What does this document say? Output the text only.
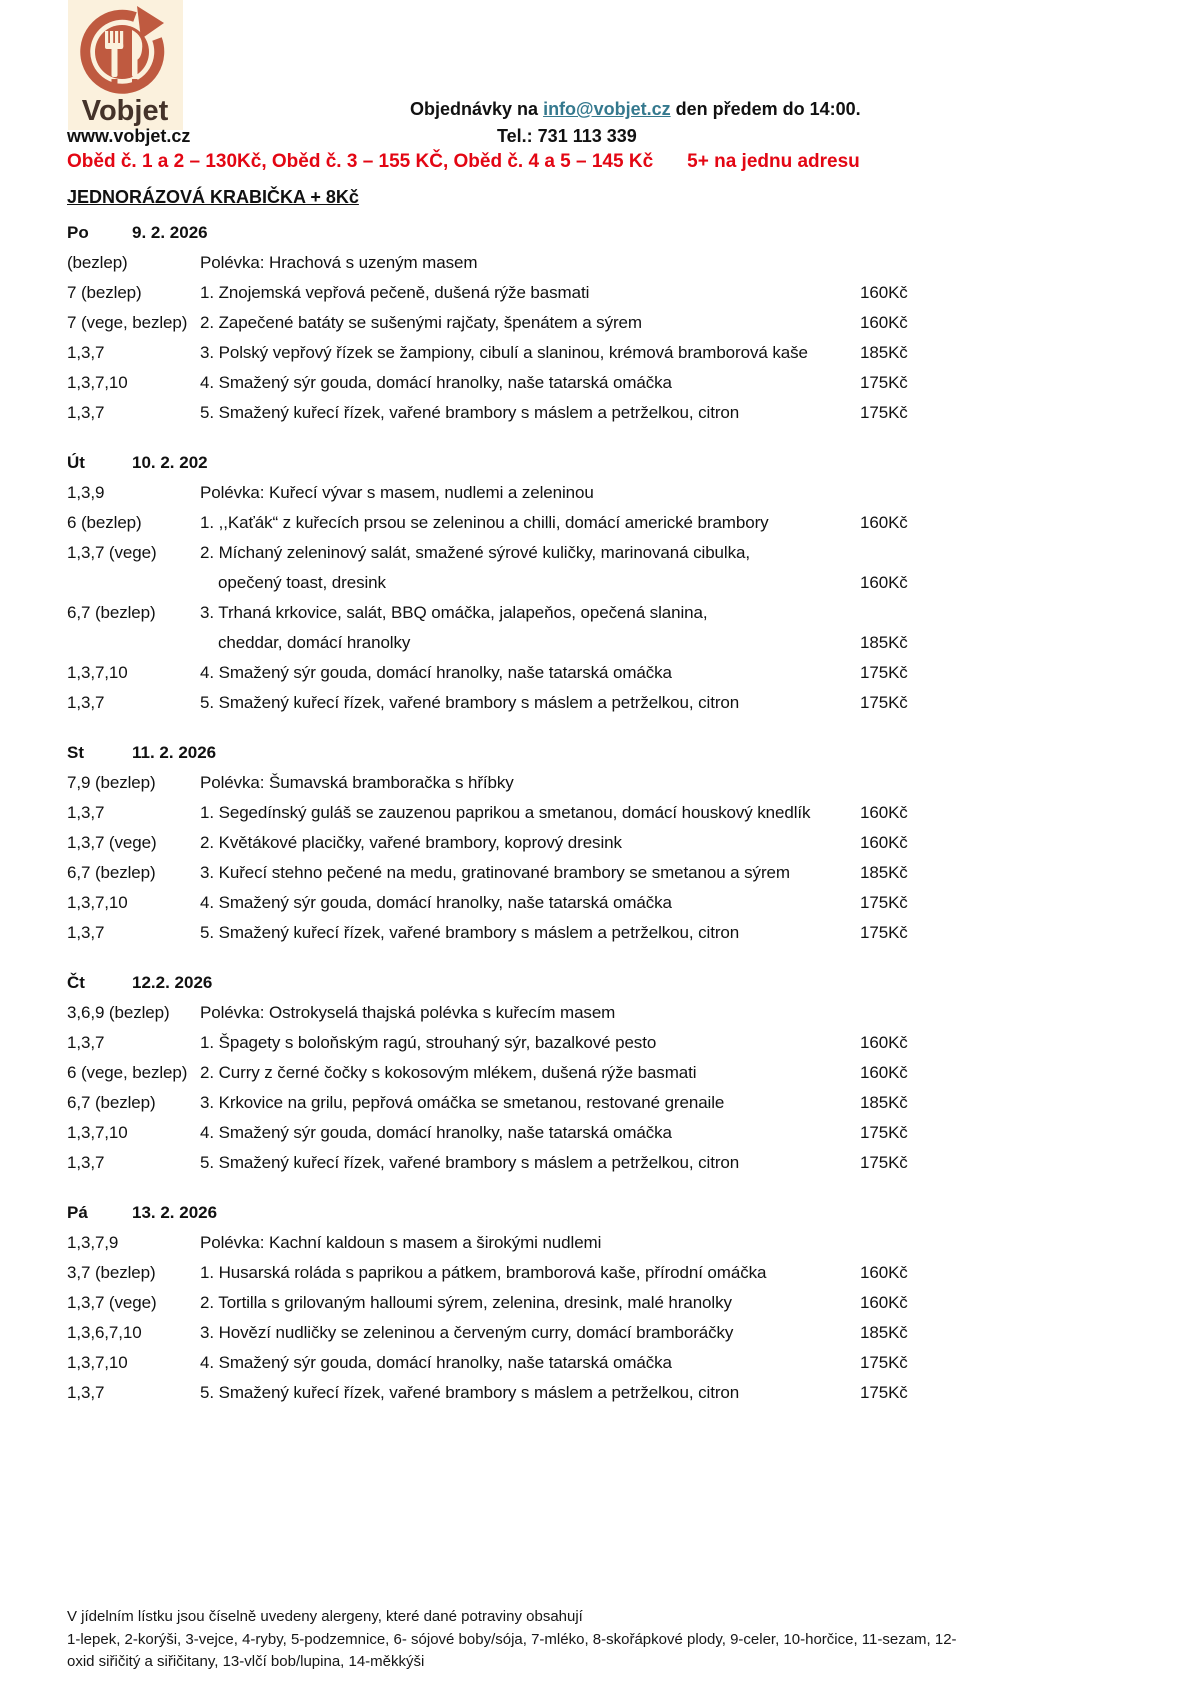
Vobjet
www.vobjet.cz
Objednávky na info@vobjet.cz den předem do 14:00.
Tel.: 731 113 339
Oběd č. 1 a 2 – 130Kč, Oběd č. 3 – 155 KČ, Oběd č. 4 a 5 – 145 Kč 5+ na jednu adresu
JEDNORÁZOVÁ KRABIČKA + 8Kč
Po	9. 2. 2026
(bezlep)	Polévka: Hrachová s uzeným masem
7 (bezlep)	1. Znojemská vepřová pečeně, dušená rýže basmati	160Kč
7 (vege, bezlep) 2. Zapečené batáty se sušenými rajčaty, špenátem a sýrem	160Kč
1,3,7	3. Polský vepřový řízek se žampiony, cibulí a slaninou, krémová bramborová kaše	185Kč
1,3,7,10	4. Smažený sýr gouda, domácí hranolky, naše tatarská omáčka	175Kč
1,3,7	5. Smažený kuřecí řízek, vařené brambory s máslem a petrželkou, citron	175Kč
Út	10. 2. 202
1,3,9	Polévka: Kuřecí vývar s masem, nudlemi a zeleninou
6 (bezlep)	1. ,,Kaťák“ z kuřecích prsou se zeleninou a chilli, domácí americké brambory	160Kč
1,3,7 (vege)	2. Míchaný zeleninový salát, smažené sýrové kuličky, marinovaná cibulka,
opečený toast, dresink	160Kč
6,7 (bezlep)	3. Trhaná krkovice, salát, BBQ omáčka, jalapeňos, opečená slanina,
cheddar, domácí hranolky	185Kč
1,3,7,10	4. Smažený sýr gouda, domácí hranolky, naše tatarská omáčka	175Kč
1,3,7	5. Smažený kuřecí řízek, vařené brambory s máslem a petrželkou, citron	175Kč
St	11. 2. 2026
7,9 (bezlep)	Polévka: Šumavská bramboračka s hříbky
1,3,7	1. Segedínský guláš se zauzenou paprikou a smetanou, domácí houskový knedlík	160Kč
1,3,7 (vege)	2. Květákové placičky, vařené brambory, koprový dresink	160Kč
6,7 (bezlep)	3. Kuřecí stehno pečené na medu, gratinované brambory se smetanou a sýrem	185Kč
1,3,7,10	4. Smažený sýr gouda, domácí hranolky, naše tatarská omáčka	175Kč
1,3,7	5. Smažený kuřecí řízek, vařené brambory s máslem a petrželkou, citron	175Kč
Čt	12.2. 2026
3,6,9 (bezlep)	Polévka: Ostrokyselá thajská polévka s kuřecím masem
1,3,7	1. Špagety s boloňským ragú, strouhaný sýr, bazalkové pesto	160Kč
6 (vege, bezlep) 2. Curry z černé čočky s kokosovým mlékem, dušená rýže basmati	160Kč
6,7 (bezlep)	3. Krkovice na grilu, pepřová omáčka se smetanou, restované grenaile	185Kč
1,3,7,10	4. Smažený sýr gouda, domácí hranolky, naše tatarská omáčka	175Kč
1,3,7	5. Smažený kuřecí řízek, vařené brambory s máslem a petrželkou, citron	175Kč
Pá	13. 2. 2026
1,3,7,9	Polévka: Kachní kaldoun s masem a širokými nudlemi
3,7 (bezlep)	1. Husarská roláda s paprikou a pátkem, bramborová kaše, přírodní omáčka	160Kč
1,3,7 (vege)	2. Tortilla s grilovaným halloumi sýrem, zelenina, dresink, malé hranolky	160Kč
1,3,6,7,10	3. Hovězí nudličky se zeleninou a červeným curry, domácí bramboráčky	185Kč
1,3,7,10	4. Smažený sýr gouda, domácí hranolky, naše tatarská omáčka	175Kč
1,3,7	5. Smažený kuřecí řízek, vařené brambory s máslem a petrželkou, citron	175Kč
V jídelním lístku jsou číselně uvedeny alergeny, které dané potraviny obsahují
1-lepek, 2-korýši, 3-vejce, 4-ryby, 5-podzemnice, 6- sójové boby/sója, 7-mléko, 8-skořápkové plody, 9-celer, 10-horčice, 11-sezam, 12-
oxid siřičitý a siřičitany, 13-vlčí bob/lupina, 14-měkkýši
